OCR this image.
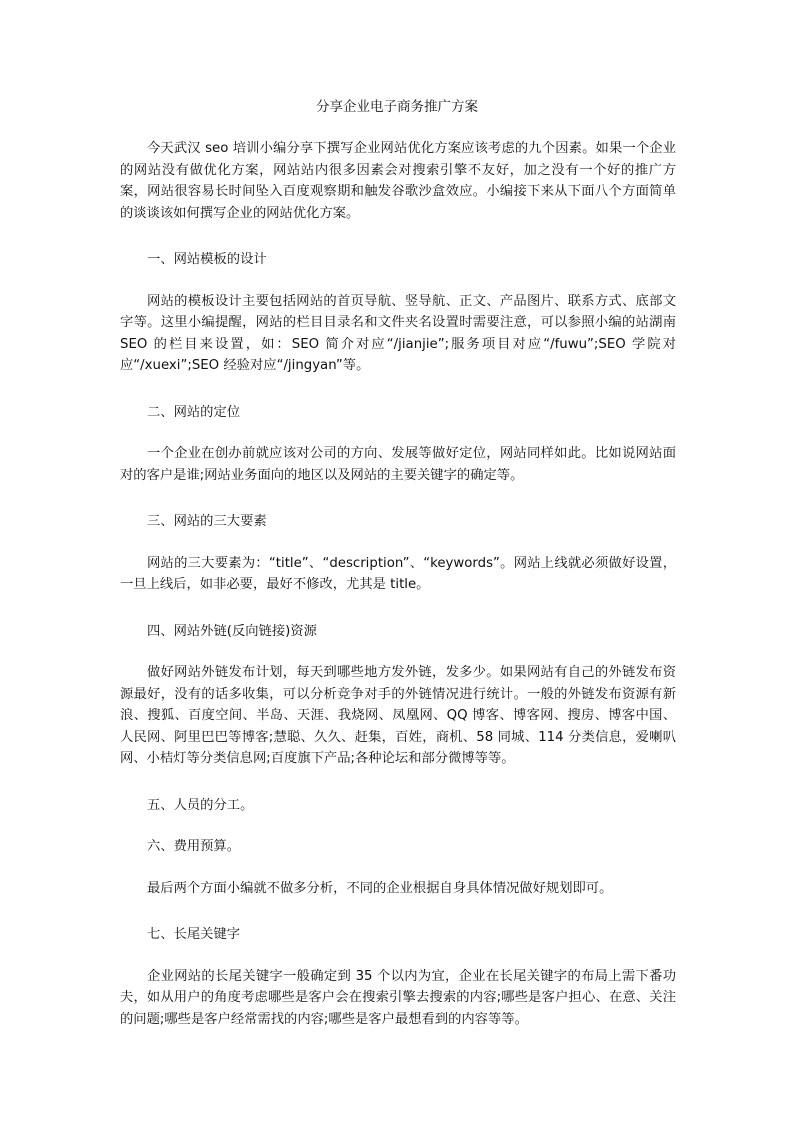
分享企业电子商务推广方案

今天武汉 seo 培训小编分享下撰写企业网站优化方案应该考虑的九个因素。如果一个企业的网站没有做优化方案，网站站内很多因素会对搜索引擎不友好，加之没有一个好的推广方案，网站很容易长时间坠入百度观察期和触发谷歌沙盒效应。小编接下来从下面八个方面简单的谈谈该如何撰写企业的网站优化方案。

一、网站模板的设计

网站的模板设计主要包括网站的首页导航、竖导航、正文、产品图片、联系方式、底部文字等。这里小编提醒，网站的栏目目录名和文件夹名设置时需要注意，可以参照小编的站湖南 SEO 的栏目来设置，如：SEO 简介对应“/jianjie”;服务项目对应“/fuwu”;SEO 学院对应“/xuexi”;SEO 经验对应“/jingyan”等。

二、网站的定位

一个企业在创办前就应该对公司的方向、发展等做好定位，网站同样如此。比如说网站面对的客户是谁;网站业务面向的地区以及网站的主要关键字的确定等。

三、网站的三大要素

网站的三大要素为：“title”、“description”、“keywords”。网站上线就必须做好设置，一旦上线后，如非必要，最好不修改，尤其是 title。

四、网站外链(反向链接)资源

做好网站外链发布计划，每天到哪些地方发外链，发多少。如果网站有自己的外链发布资源最好，没有的话多收集，可以分析竞争对手的外链情况进行统计。一般的外链发布资源有新浪、搜狐、百度空间、半岛、天涯、我烧网、凤凰网、QQ 博客、博客网、搜房、博客中国、人民网、阿里巴巴等博客;慧聪、久久、赶集，百姓，商机、58 同城、114 分类信息，爱喇叭网、小桔灯等分类信息网;百度旗下产品;各种论坛和部分微博等等。

五、人员的分工。

六、费用预算。

最后两个方面小编就不做多分析，不同的企业根据自身具体情况做好规划即可。

七、长尾关键字

企业网站的长尾关键字一般确定到 35 个以内为宜，企业在长尾关键字的布局上需下番功夫，如从用户的角度考虑哪些是客户会在搜索引擎去搜索的内容;哪些是客户担心、在意、关注的问题;哪些是客户经常需找的内容;哪些是客户最想看到的内容等等。
